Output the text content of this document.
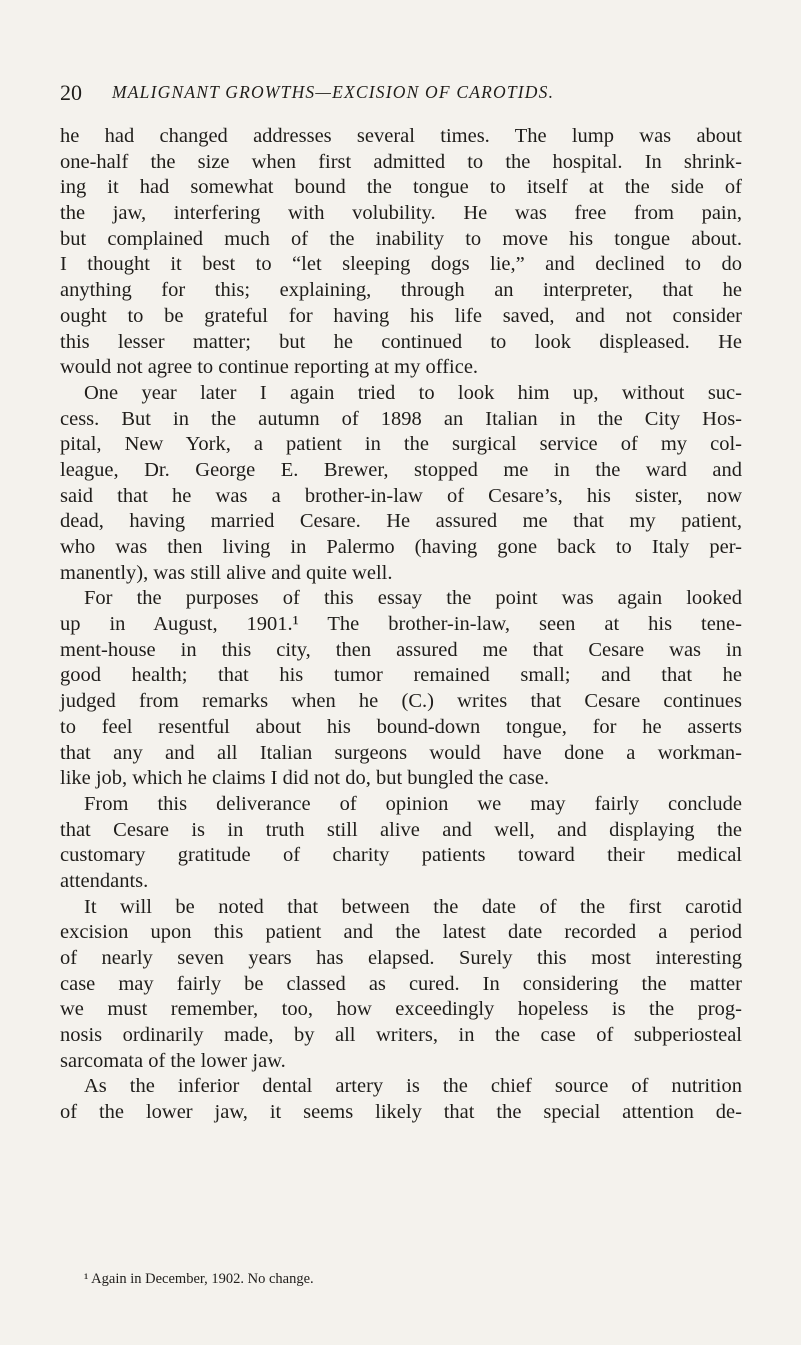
20 MALIGNANT GROWTHS—EXCISION OF CAROTIDS.
he had changed addresses several times. The lump was about
one-half the size when first admitted to the hospital. In shrink-
ing it had somewhat bound the tongue to itself at the side of
the jaw, interfering with volubility. He was free from pain,
but complained much of the inability to move his tongue about.
I thought it best to “let sleeping dogs lie,” and declined to do
anything for this; explaining, through an interpreter, that he
ought to be grateful for having his life saved, and not consider
this lesser matter; but he continued to look displeased. He
would not agree to continue reporting at my office.
One year later I again tried to look him up, without suc-
cess. But in the autumn of 1898 an Italian in the City Hos-
pital, New York, a patient in the surgical service of my col-
league, Dr. George E. Brewer, stopped me in the ward and
said that he was a brother-in-law of Cesare’s, his sister, now
dead, having married Cesare. He assured me that my patient,
who was then living in Palermo (having gone back to Italy per-
manently), was still alive and quite well.
For the purposes of this essay the point was again looked
up in August, 1901.¹ The brother-in-law, seen at his tene-
ment-house in this city, then assured me that Cesare was in
good health; that his tumor remained small; and that he
judged from remarks when he (C.) writes that Cesare continues
to feel resentful about his bound-down tongue, for he asserts
that any and all Italian surgeons would have done a workman-
like job, which he claims I did not do, but bungled the case.
From this deliverance of opinion we may fairly conclude
that Cesare is in truth still alive and well, and displaying the
customary gratitude of charity patients toward their medical
attendants.
It will be noted that between the date of the first carotid
excision upon this patient and the latest date recorded a period
of nearly seven years has elapsed. Surely this most interesting
case may fairly be classed as cured. In considering the matter
we must remember, too, how exceedingly hopeless is the prog-
nosis ordinarily made, by all writers, in the case of subperiosteal
sarcomata of the lower jaw.
As the inferior dental artery is the chief source of nutrition
of the lower jaw, it seems likely that the special attention de-
¹ Again in December, 1902. No change.
